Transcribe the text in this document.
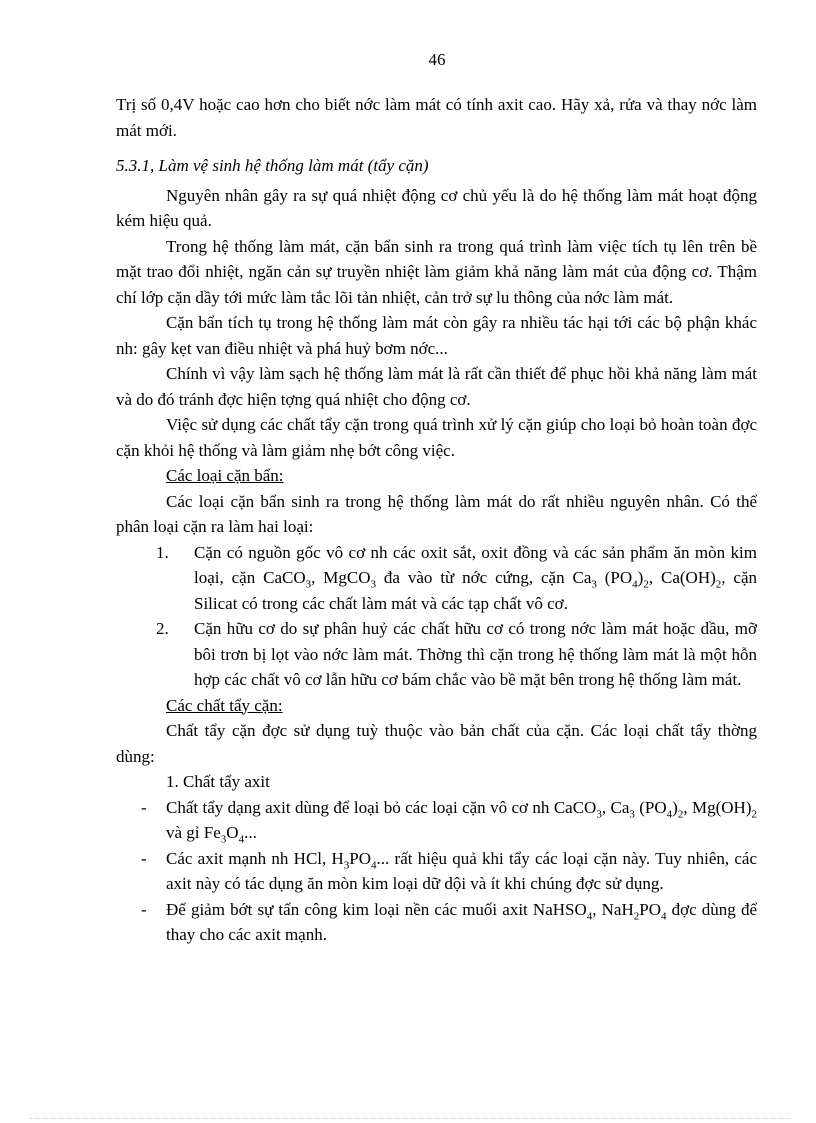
46

Trị số 0,4V hoặc cao hơn cho biết nớc làm mát có tính axit cao. Hãy xả, rửa và thay nớc làm mát mới.

5.3.1, Làm vệ sinh hệ thống làm mát (tẩy cặn)

Nguyên nhân gây ra sự quá nhiệt động cơ chủ yếu là do hệ thống làm mát hoạt động kém hiệu quả.

Trong hệ thống làm mát, cặn bẩn sinh ra trong quá trình làm việc tích tụ lên trên bề mặt trao đổi nhiệt, ngăn cản sự truyền nhiệt làm giảm khả năng làm mát của động cơ. Thậm chí lớp cặn dầy tới mức làm tắc lõi tản nhiệt, cản trở sự lu thông của nớc làm mát.

Cặn bẩn tích tụ trong hệ thống làm mát còn gây ra nhiều tác hại tới các bộ phận khác nh: gây kẹt van điều nhiệt và phá huỷ bơm nớc...

Chính vì vậy làm sạch hệ thống làm mát là rất cần thiết để phục hồi khả năng làm mát và do đó tránh đợc hiện tợng quá nhiệt cho động cơ.

Việc sử dụng các chất tẩy cặn trong quá trình xử lý cặn giúp cho loại bỏ hoàn toàn đợc cặn khỏi hệ thống và làm giảm nhẹ bớt công việc.

Các loại cặn bẩn:

Các loại cặn bẩn sinh ra trong hệ thống làm mát do rất nhiều nguyên nhân. Có thể phân loại cặn ra làm hai loại:

1. Cặn có nguồn gốc vô cơ nh các oxit sắt, oxit đồng và các sản phẩm ăn mòn kim loại, cặn CaCO$_3$, MgCO$_3$ đa vào từ nớc cứng, cặn $Ca_3$ $(PO_4)_2$, $Ca(OH)_2$, cặn Silicat có trong các chất làm mát và các tạp chất vô cơ.
2. Cặn hữu cơ do sự phân huỷ các chất hữu cơ có trong nớc làm mát hoặc dầu, mỡ bôi trơn bị lọt vào nớc làm mát. Thờng thì cặn trong hệ thống làm mát là một hỗn hợp các chất vô cơ lẫn hữu cơ bám chắc vào bề mặt bên trong hệ thống làm mát.

Các chất tẩy cặn:

Chất tẩy cặn đợc sử dụng tuỳ thuộc vào bản chất của cặn. Các loại chất tẩy thờng dùng:

1. Chất tẩy axit
- Chất tẩy dạng axit dùng để loại bỏ các loại cặn vô cơ nh CaCO$_3$, $Ca_3$ $(PO_4)_2$, $Mg(OH)_2$ và gỉ $Fe_3O_4$...
- Các axit mạnh nh HCl, $H_3PO_4$... rất hiệu quả khi tẩy các loại cặn này. Tuy nhiên, các axit này có tác dụng ăn mòn kim loại dữ dội và ít khi chúng đợc sử dụng.
- Để giảm bớt sự tấn công kim loại nền các muối axit NaHSO$_4$, $NaH_2PO_4$ đợc dùng để thay cho các axit mạnh.
